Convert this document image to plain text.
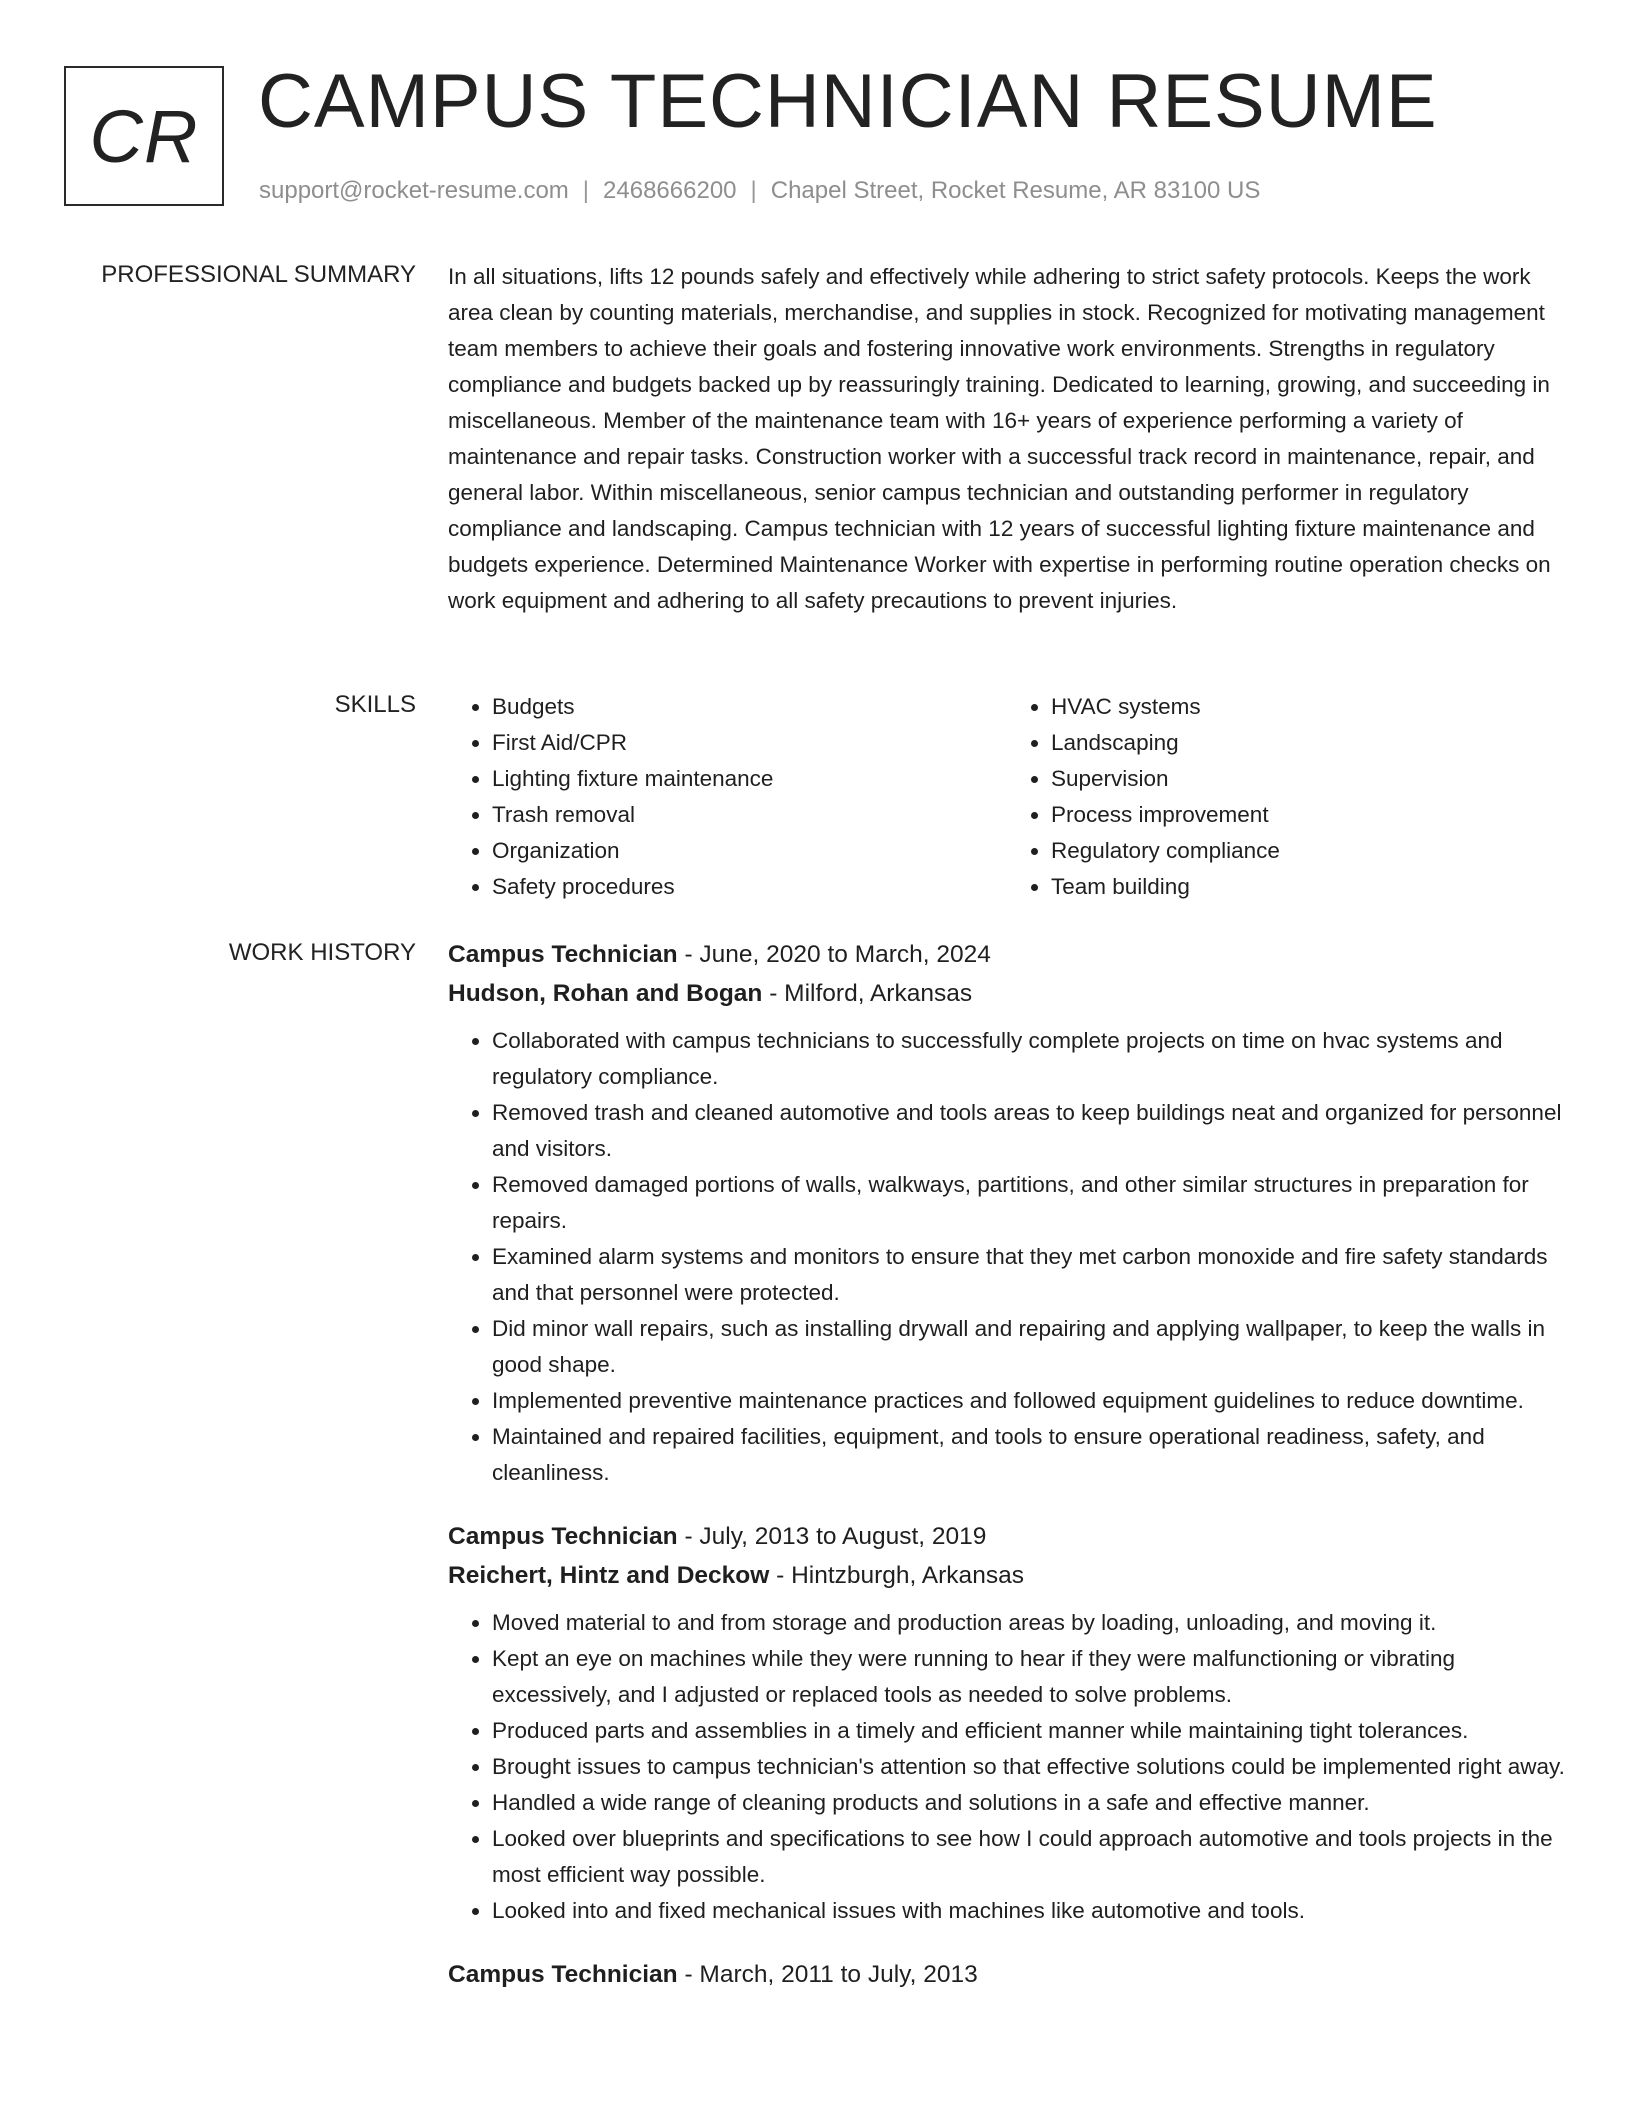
CR CAMPUS TECHNICIAN RESUME
support@rocket-resume.com | 2468666200 | Chapel Street, Rocket Resume, AR 83100 US
PROFESSIONAL SUMMARY In all situations, lifts 12 pounds safely and effectively while adhering to strict safety protocols. Keeps the work area clean by counting materials, merchandise, and supplies in stock. Recognized for motivating management team members to achieve their goals and fostering innovative work environments. Strengths in regulatory compliance and budgets backed up by reassuringly training. Dedicated to learning, growing, and succeeding in miscellaneous. Member of the maintenance team with 16+ years of experience performing a variety of maintenance and repair tasks. Construction worker with a successful track record in maintenance, repair, and general labor. Within miscellaneous, senior campus technician and outstanding performer in regulatory compliance and landscaping. Campus technician with 12 years of successful lighting fixture maintenance and budgets experience. Determined Maintenance Worker with expertise in performing routine operation checks on work equipment and adhering to all safety precautions to prevent injuries.
SKILLS
•	Budgets
• First Aid/CPR
• Lighting fixture maintenance
• Trash removal
• Organization
• Safety procedures
• HVAC systems
• Landscaping
• Supervision
• Process improvement
• Regulatory compliance
• Team building
WORK HISTORY Campus Technician - June, 2020 to March, 2024
Hudson, Rohan and Bogan - Milford, Arkansas
• Collaborated with campus technicians to successfully complete projects on time on hvac systems and regulatory compliance.
• Removed trash and cleaned automotive and tools areas to keep buildings neat and organized for personnel and visitors.
• Removed damaged portions of walls, walkways, partitions, and other similar structures in preparation for repairs.
• Examined alarm systems and monitors to ensure that they met carbon monoxide and fire safety standards and that personnel were protected.
• Did minor wall repairs, such as installing drywall and repairing and applying wallpaper, to keep the walls in good shape.
• Implemented preventive maintenance practices and followed equipment guidelines to reduce downtime.
• Maintained and repaired facilities, equipment, and tools to ensure operational readiness, safety, and cleanliness.
Campus Technician - July, 2013 to August, 2019
Reichert, Hintz and Deckow - Hintzburgh, Arkansas
• Moved material to and from storage and production areas by loading, unloading, and moving it.
• Kept an eye on machines while they were running to hear if they were malfunctioning or vibrating excessively, and I adjusted or replaced tools as needed to solve problems.
• Produced parts and assemblies in a timely and efficient manner while maintaining tight tolerances.
• Brought issues to campus technician's attention so that effective solutions could be implemented right away.
• Handled a wide range of cleaning products and solutions in a safe and effective manner.
• Looked over blueprints and specifications to see how I could approach automotive and tools projects in the most efficient way possible.
• Looked into and fixed mechanical issues with machines like automotive and tools.
Campus Technician - March, 2011 to July, 2013
